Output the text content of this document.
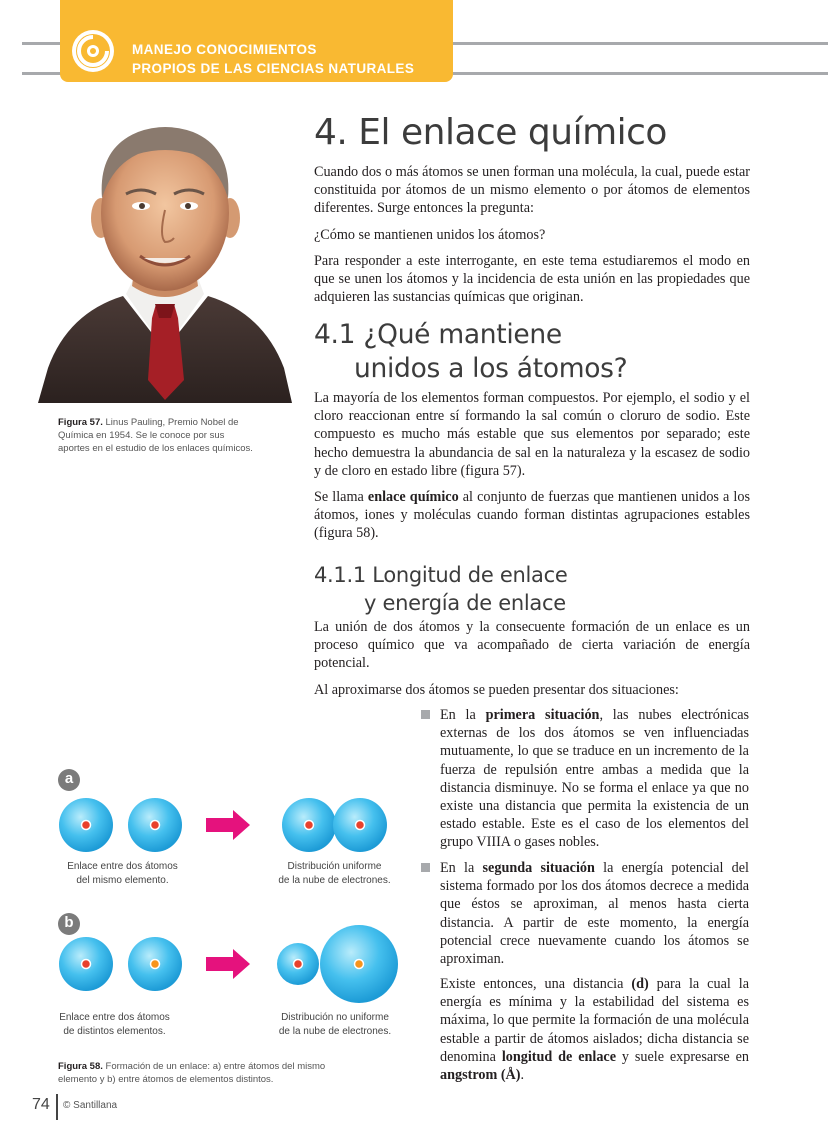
MANEJO CONOCIMIENTOS
PROPIOS DE LAS CIENCIAS NATURALES
Figura 57. Linus Pauling, Premio Nobel de Química en 1954. Se le conoce por sus aportes en el estudio de los enlaces químicos.
4. El enlace químico

Cuando dos o más átomos se unen forman una molécula, la cual, puede estar constituida por átomos de un mismo elemento o por átomos de elementos diferentes. Surge entonces la pregunta:

¿Cómo se mantienen unidos los átomos?

Para responder a este interrogante, en este tema estudiaremos el modo en que se unen los átomos y la incidencia de esta unión en las propiedades que adquieren las sustancias químicas que originan.

4.1 ¿Qué mantiene
unidos a los átomos?

La mayoría de los elementos forman compuestos. Por ejemplo, el sodio y el cloro reaccionan entre sí formando la sal común o cloruro de sodio. Este compuesto es mucho más estable que sus elementos por separado; este hecho demuestra la abundancia de sal en la naturaleza y la escasez de sodio y de cloro en estado libre (figura 57).

Se llama enlace químico al conjunto de fuerzas que mantienen unidos a los átomos, iones y moléculas cuando forman distintas agrupaciones estables (figura 58).

4.1.1 Longitud de enlace
y energía de enlace

La unión de dos átomos y la consecuente formación de un enlace es un proceso químico que va acompañado de cierta variación de energía potencial.

Al aproximarse dos átomos se pueden presentar dos situaciones:

En la primera situación, las nubes electrónicas externas de los dos átomos se ven influenciadas mutuamente, lo que se traduce en un incremento de la fuerza de repulsión entre ambas a medida que la distancia disminuye. No se forma el enlace ya que no existe una distancia que permita la existencia de un estado estable. Este es el caso de los elementos del grupo VIIIA o gases nobles.
En la segunda situación la energía potencial del sistema formado por los dos átomos decrece a medida que éstos se aproximan, al menos hasta cierta distancia. A partir de este momento, la energía potencial crece nuevamente cuando los átomos se aproximan.
Existe entonces, una distancia (d) para la cual la energía es mínima y la estabilidad del sistema es máxima, lo que permite la formación de una molécula estable a partir de átomos aislados; dicha distancia se denomina longitud de enlace y suele expresarse en angstrom (Å).
a
b
Enlace entre dos átomos
del mismo elemento.
Distribución uniforme
de la nube de electrones.
Enlace entre dos átomos
de distintos elementos.
Distribución no uniforme
de la nube de electrones.
Figura 58. Formación de un enlace: a) entre átomos del mismo elemento y b) entre átomos de elementos distintos.
74 © Santillana
